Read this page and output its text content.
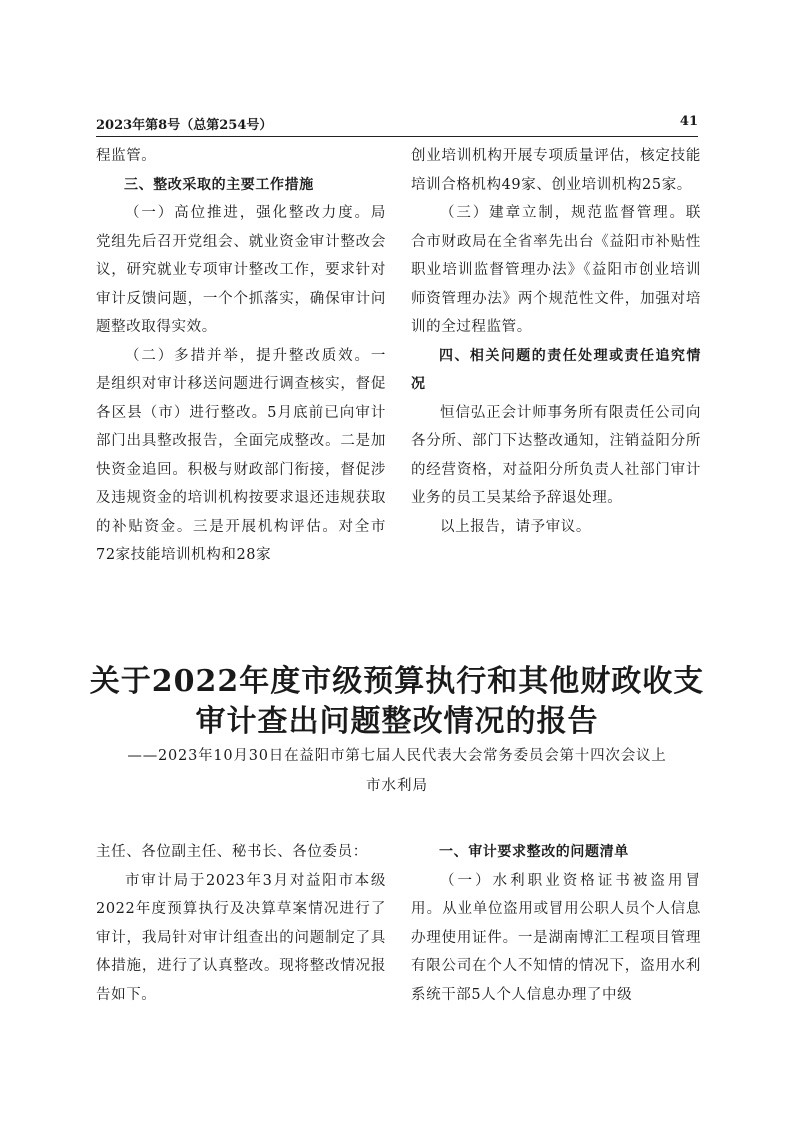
2023年第8号（总第254号）	41

程监管。

三、整改采取的主要工作措施

（一）高位推进，强化整改力度。局党组先后召开党组会、就业资金审计整改会议，研究就业专项审计整改工作，要求针对审计反馈问题，一个个抓落实，确保审计问题整改取得实效。

（二）多措并举，提升整改质效。一是组织对审计移送问题进行调查核实，督促各区县（市）进行整改。5月底前已向审计部门出具整改报告，全面完成整改。二是加快资金追回。积极与财政部门衔接，督促涉及违规资金的培训机构按要求退还违规获取的补贴资金。三是开展机构评估。对全市72家技能培训机构和28家

创业培训机构开展专项质量评估，核定技能培训合格机构49家、创业培训机构25家。

（三）建章立制，规范监督管理。联合市财政局在全省率先出台《益阳市补贴性职业培训监督管理办法》《益阳市创业培训师资管理办法》两个规范性文件，加强对培训的全过程监管。

四、相关问题的责任处理或责任追究情况

恒信弘正会计师事务所有限责任公司向各分所、部门下达整改通知，注销益阳分所的经营资格，对益阳分所负责人社部门审计业务的员工吴某给予辞退处理。

以上报告，请予审议。

关于2022年度市级预算执行和其他财政收支
审计查出问题整改情况的报告
——2023年10月30日在益阳市第七届人民代表大会常务委员会第十四次会议上
市水利局

主任、各位副主任、秘书长、各位委员：

市审计局于2023年3月对益阳市本级2022年度预算执行及决算草案情况进行了审计，我局针对审计组查出的问题制定了具体措施，进行了认真整改。现将整改情况报告如下。

一、审计要求整改的问题清单

（一）水利职业资格证书被盗用冒用。从业单位盗用或冒用公职人员个人信息办理使用证件。一是湖南博汇工程项目管理有限公司在个人不知情的情况下，盗用水利系统干部5人个人信息办理了中级
